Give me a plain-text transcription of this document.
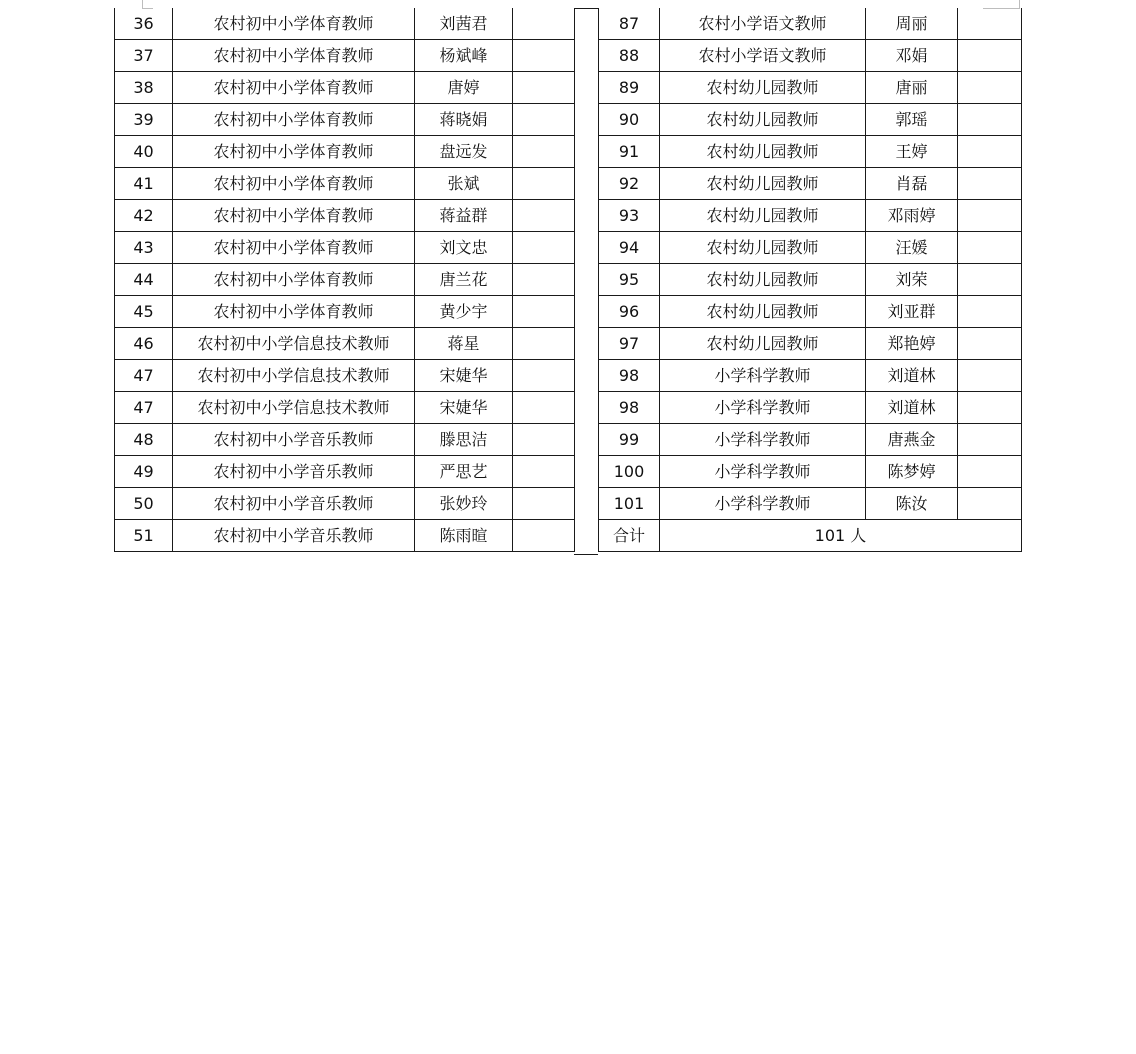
36	农村初中小学体育教师	刘茜君	
37	农村初中小学体育教师	杨斌峰	
38	农村初中小学体育教师	唐婷	
39	农村初中小学体育教师	蒋晓娟	
40	农村初中小学体育教师	盘远发	
41	农村初中小学体育教师	张斌	
42	农村初中小学体育教师	蒋益群	
43	农村初中小学体育教师	刘文忠	
44	农村初中小学体育教师	唐兰花	
45	农村初中小学体育教师	黄少宇	
46	农村初中小学信息技术教师	蒋星	
47	农村初中小学信息技术教师	宋婕华	
47	农村初中小学信息技术教师	宋婕华	
48	农村初中小学音乐教师	滕思洁	
49	农村初中小学音乐教师	严思艺	
50	农村初中小学音乐教师	张妙玲	
51	农村初中小学音乐教师	陈雨暄	
87	农村小学语文教师	周丽	
88	农村小学语文教师	邓娟	
89	农村幼儿园教师	唐丽	
90	农村幼儿园教师	郭瑶	
91	农村幼儿园教师	王婷	
92	农村幼儿园教师	肖磊	
93	农村幼儿园教师	邓雨婷	
94	农村幼儿园教师	汪媛	
95	农村幼儿园教师	刘荣	
96	农村幼儿园教师	刘亚群	
97	农村幼儿园教师	郑艳婷	
98	小学科学教师	刘道林	
98	小学科学教师	刘道林	
99	小学科学教师	唐燕金	
100	小学科学教师	陈梦婷	
101	小学科学教师	陈汝	
合计	101 人		
